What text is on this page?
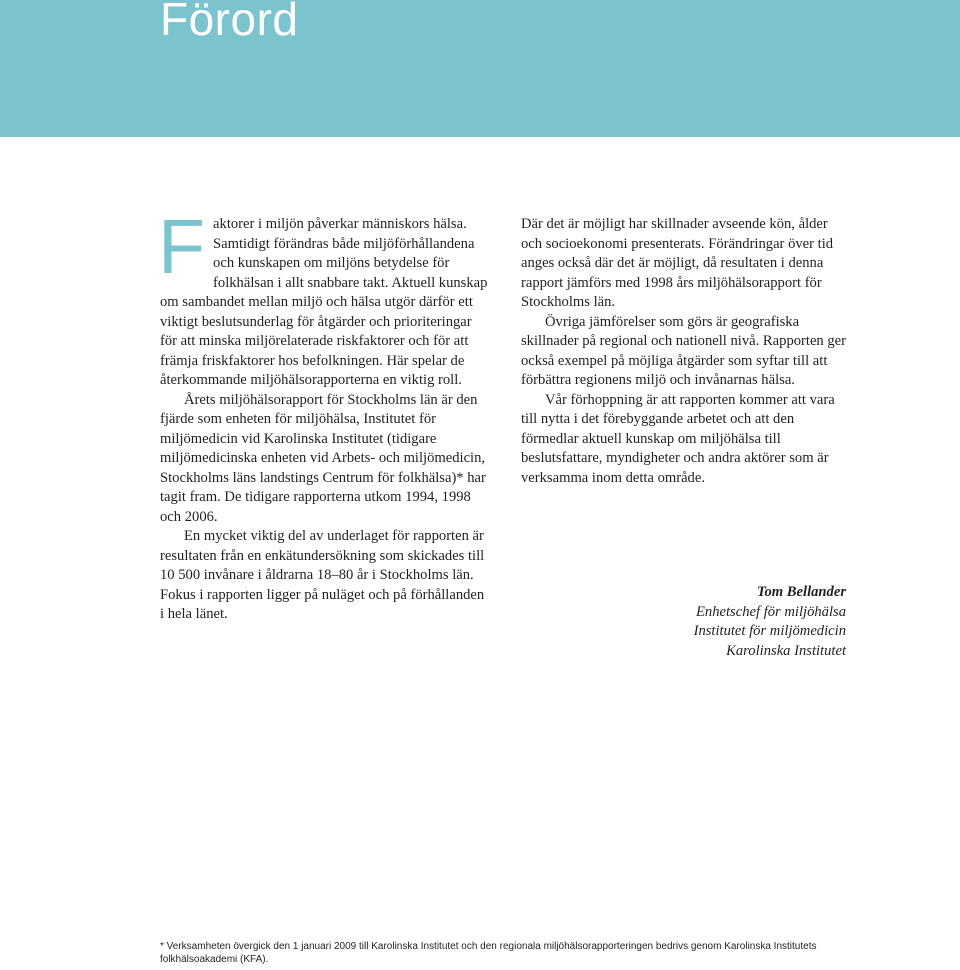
Förord

Faktorer i miljön påverkar människors hälsa. Samtidigt förändras både miljöförhållandena och kunskapen om miljöns betydelse för folkhälsan i allt snabbare takt. Aktuell kunskap om sambandet mellan miljö och hälsa utgör därför ett viktigt beslutsunderlag för åtgärder och prioriteringar för att minska miljörelaterade riskfaktorer och för att främja friskfaktorer hos befolkningen. Här spelar de återkommande miljöhälsorapporterna en viktig roll.

Årets miljöhälsorapport för Stockholms län är den fjärde som enheten för miljöhälsa, Institutet för miljömedicin vid Karolinska Institutet (tidigare miljömedicinska enheten vid Arbets- och miljömedicin, Stockholms läns landstings Centrum för folkhälsa)* har tagit fram. De tidigare rapporterna utkom 1994, 1998 och 2006.

En mycket viktig del av underlaget för rapporten är resultaten från en enkätundersökning som skickades till 10 500 invånare i åldrarna 18–80 år i Stockholms län. Fokus i rapporten ligger på nuläget och på förhållanden i hela länet.

Där det är möjligt har skillnader avseende kön, ålder och socioekonomi presenterats. Förändringar över tid anges också där det är möjligt, då resultaten i denna rapport jämförs med 1998 års miljöhälsorapport för Stockholms län.

Övriga jämförelser som görs är geografiska skillnader på regional och nationell nivå. Rapporten ger också exempel på möjliga åtgärder som syftar till att förbättra regionens miljö och invånarnas hälsa.

Vår förhoppning är att rapporten kommer att vara till nytta i det förebyggande arbetet och att den förmedlar aktuell kunskap om miljöhälsa till beslutsfattare, myndigheter och andra aktörer som är verksamma inom detta område.

Tom Bellander
Enhetschef för miljöhälsa
Institutet för miljömedicin
Karolinska Institutet
* Verksamheten övergick den 1 januari 2009 till Karolinska Institutet och den regionala miljöhälsorapporteringen bedrivs genom Karolinska Institutets folkhälsoakademi (KFA).
